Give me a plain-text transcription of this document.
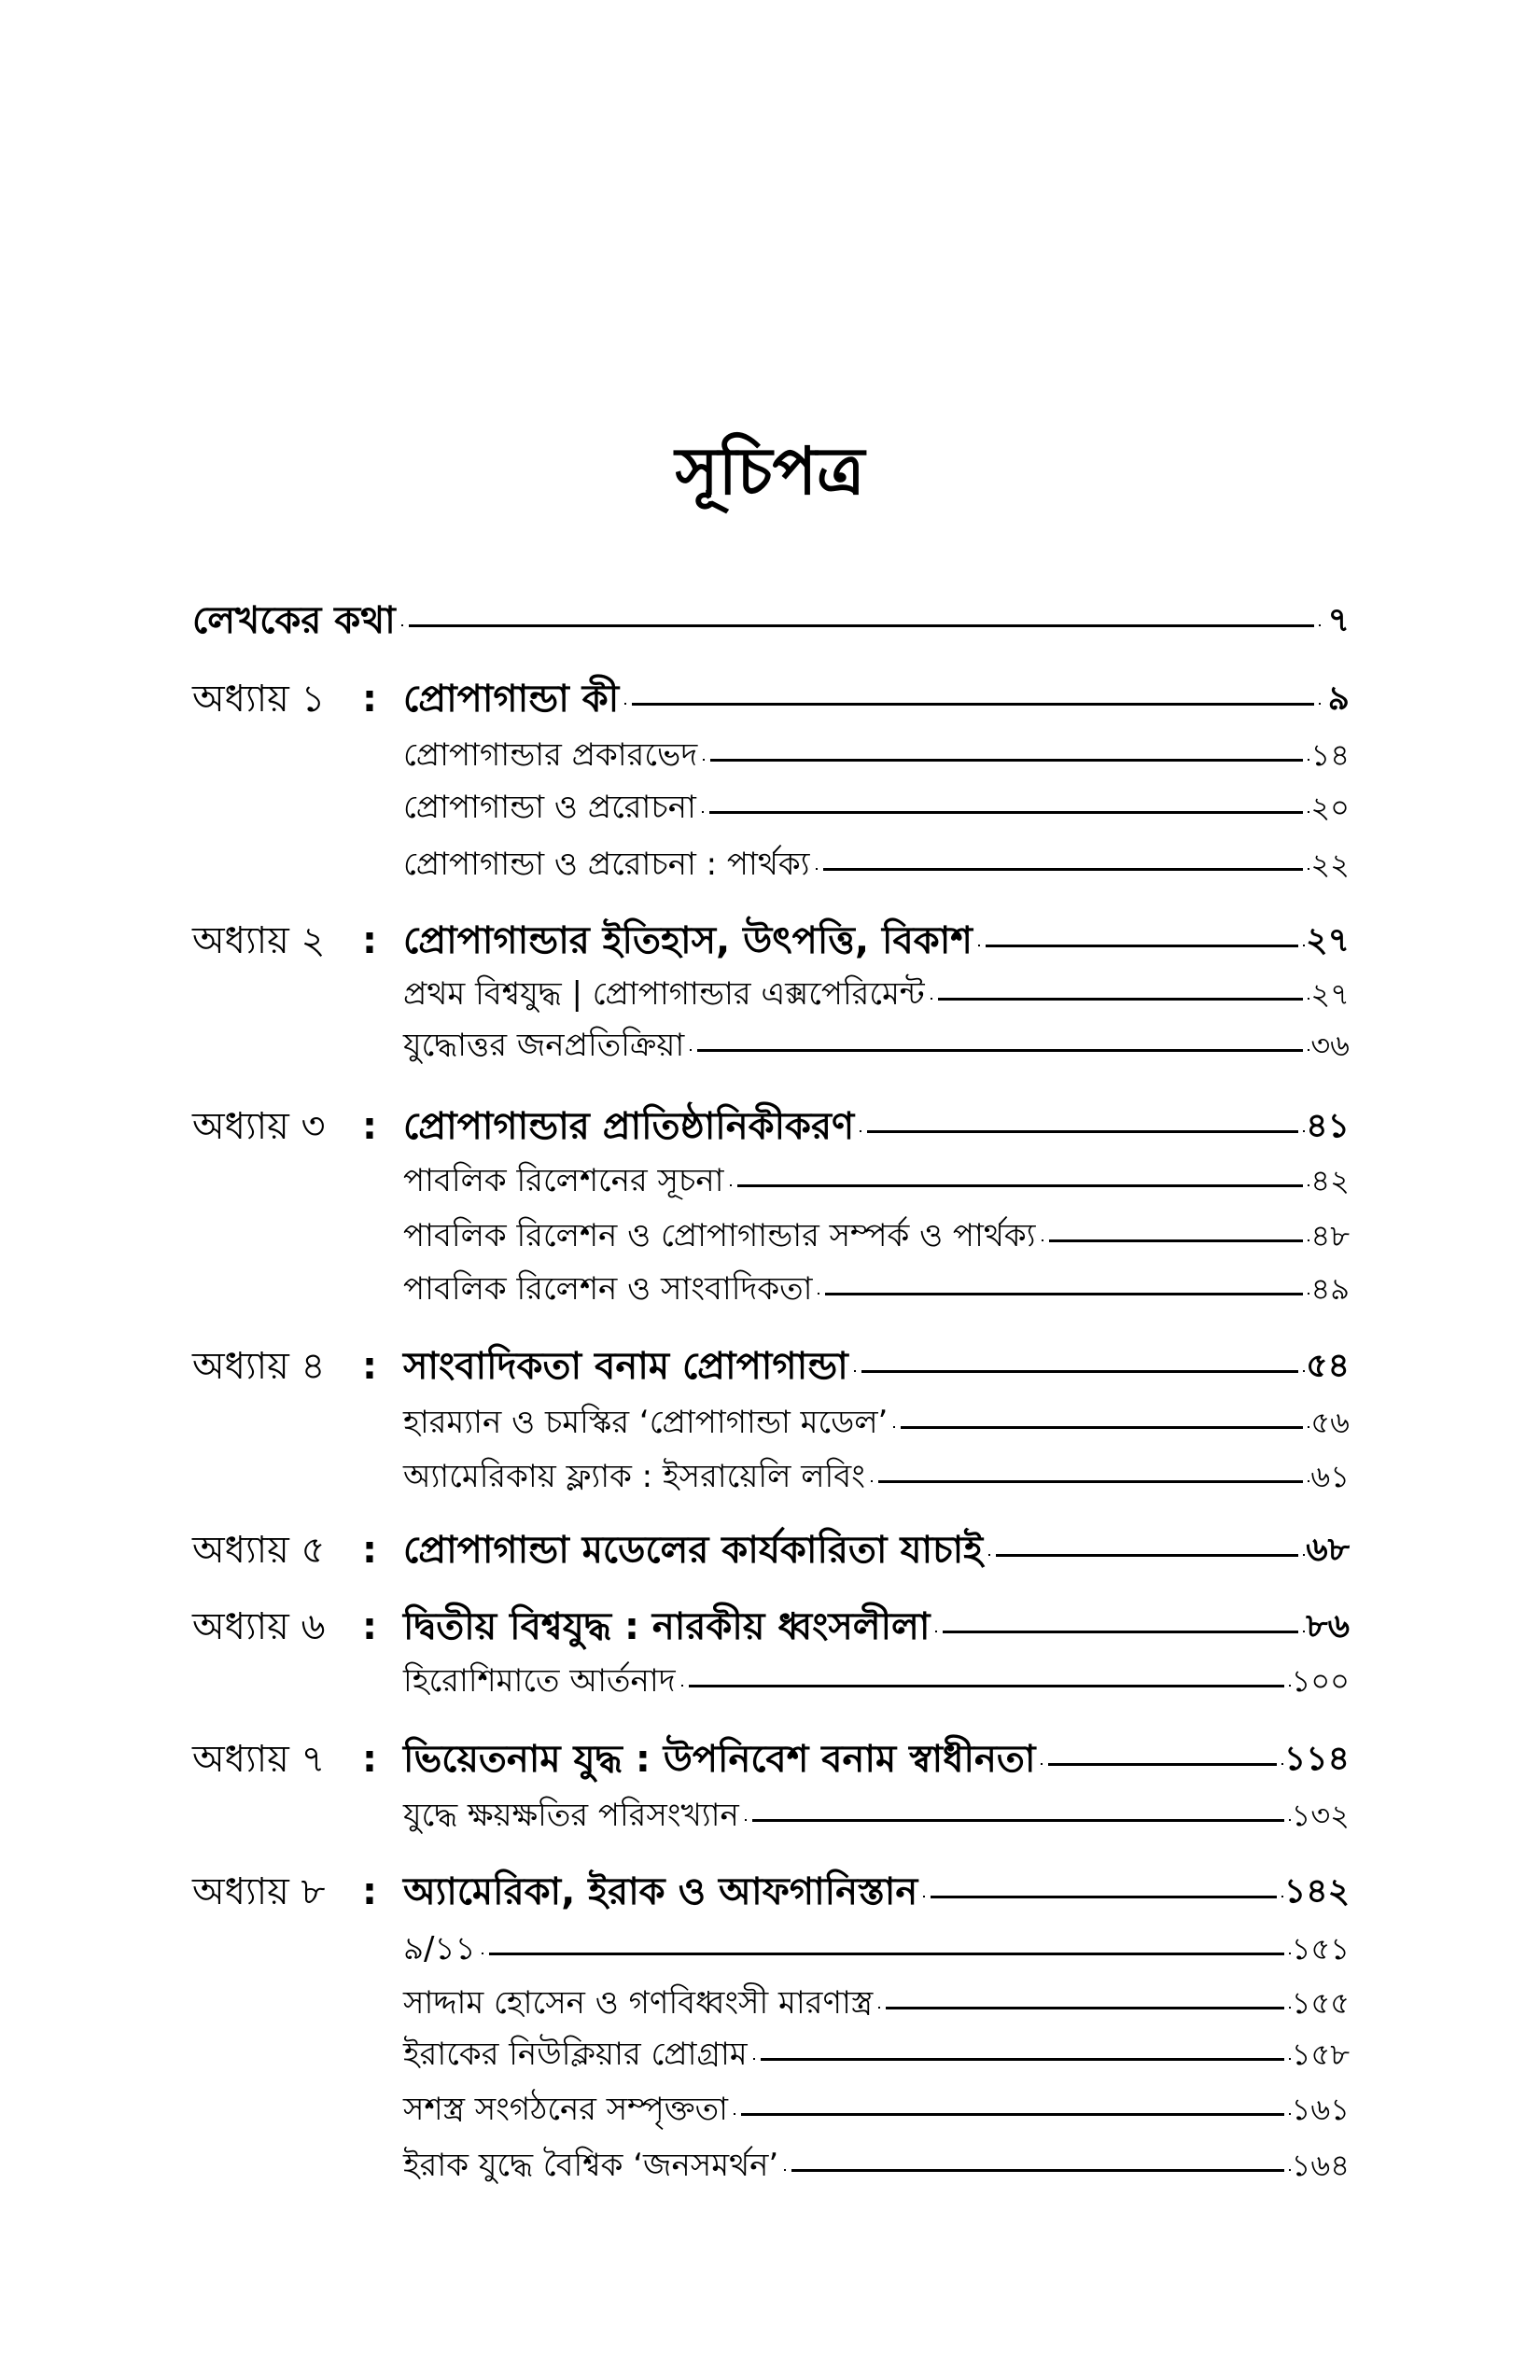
সূচিপত্র
লেখকের কথা	৭
অধ্যায় ১ : প্রোপাগান্ডা কী	৯
প্রোপাগান্ডার প্রকারভেদ	১৪
প্রোপাগান্ডা ও প্ররোচনা	২০
প্রোপাগান্ডা ও প্ররোচনা : পার্থক্য	২২
অধ্যায় ২ : প্রোপাগান্ডার ইতিহাস, উৎপত্তি, বিকাশ	২৭
প্রথম বিশ্বযুদ্ধ | প্রোপাগান্ডার এক্সপেরিমেন্ট	২৭
যুদ্ধোত্তর জনপ্রতিক্রিয়া	৩৬
অধ্যায় ৩ : প্রোপাগান্ডার প্রাতিষ্ঠানিকীকরণ	৪১
পাবলিক রিলেশনের সূচনা	৪২
পাবলিক রিলেশন ও প্রোপাগান্ডার সম্পর্ক ও পার্থক্য	৪৮
পাবলিক রিলেশন ও সাংবাদিকতা	৪৯
অধ্যায় ৪ : সাংবাদিকতা বনাম প্রোপাগান্ডা	৫৪
হারম্যান ও চমস্কির ‘প্রোপাগান্ডা মডেল’	৫৬
অ্যামেরিকায় ফ্ল্যাক : ইসরায়েলি লবিং	৬১
অধ্যায় ৫ : প্রোপাগান্ডা মডেলের কার্যকারিতা যাচাই	৬৮
অধ্যায় ৬ : দ্বিতীয় বিশ্বযুদ্ধ : নারকীয় ধ্বংসলীলা	৮৬
হিরোশিমাতে আর্তনাদ	১০০
অধ্যায় ৭ : ভিয়েতনাম যুদ্ধ : উপনিবেশ বনাম স্বাধীনতা	১১৪
যুদ্ধে ক্ষয়ক্ষতির পরিসংখ্যান	১৩২
অধ্যায় ৮ : অ্যামেরিকা, ইরাক ও আফগানিস্তান	১৪২
৯/১১	১৫১
সাদ্দাম হোসেন ও গণবিধ্বংসী মারণাস্ত্র	১৫৫
ইরাকের নিউক্লিয়ার প্রোগ্রাম	১৫৮
সশস্ত্র সংগঠনের সম্পৃক্ততা	১৬১
ইরাক যুদ্ধে বৈশ্বিক ‘জনসমর্থন’	১৬৪
